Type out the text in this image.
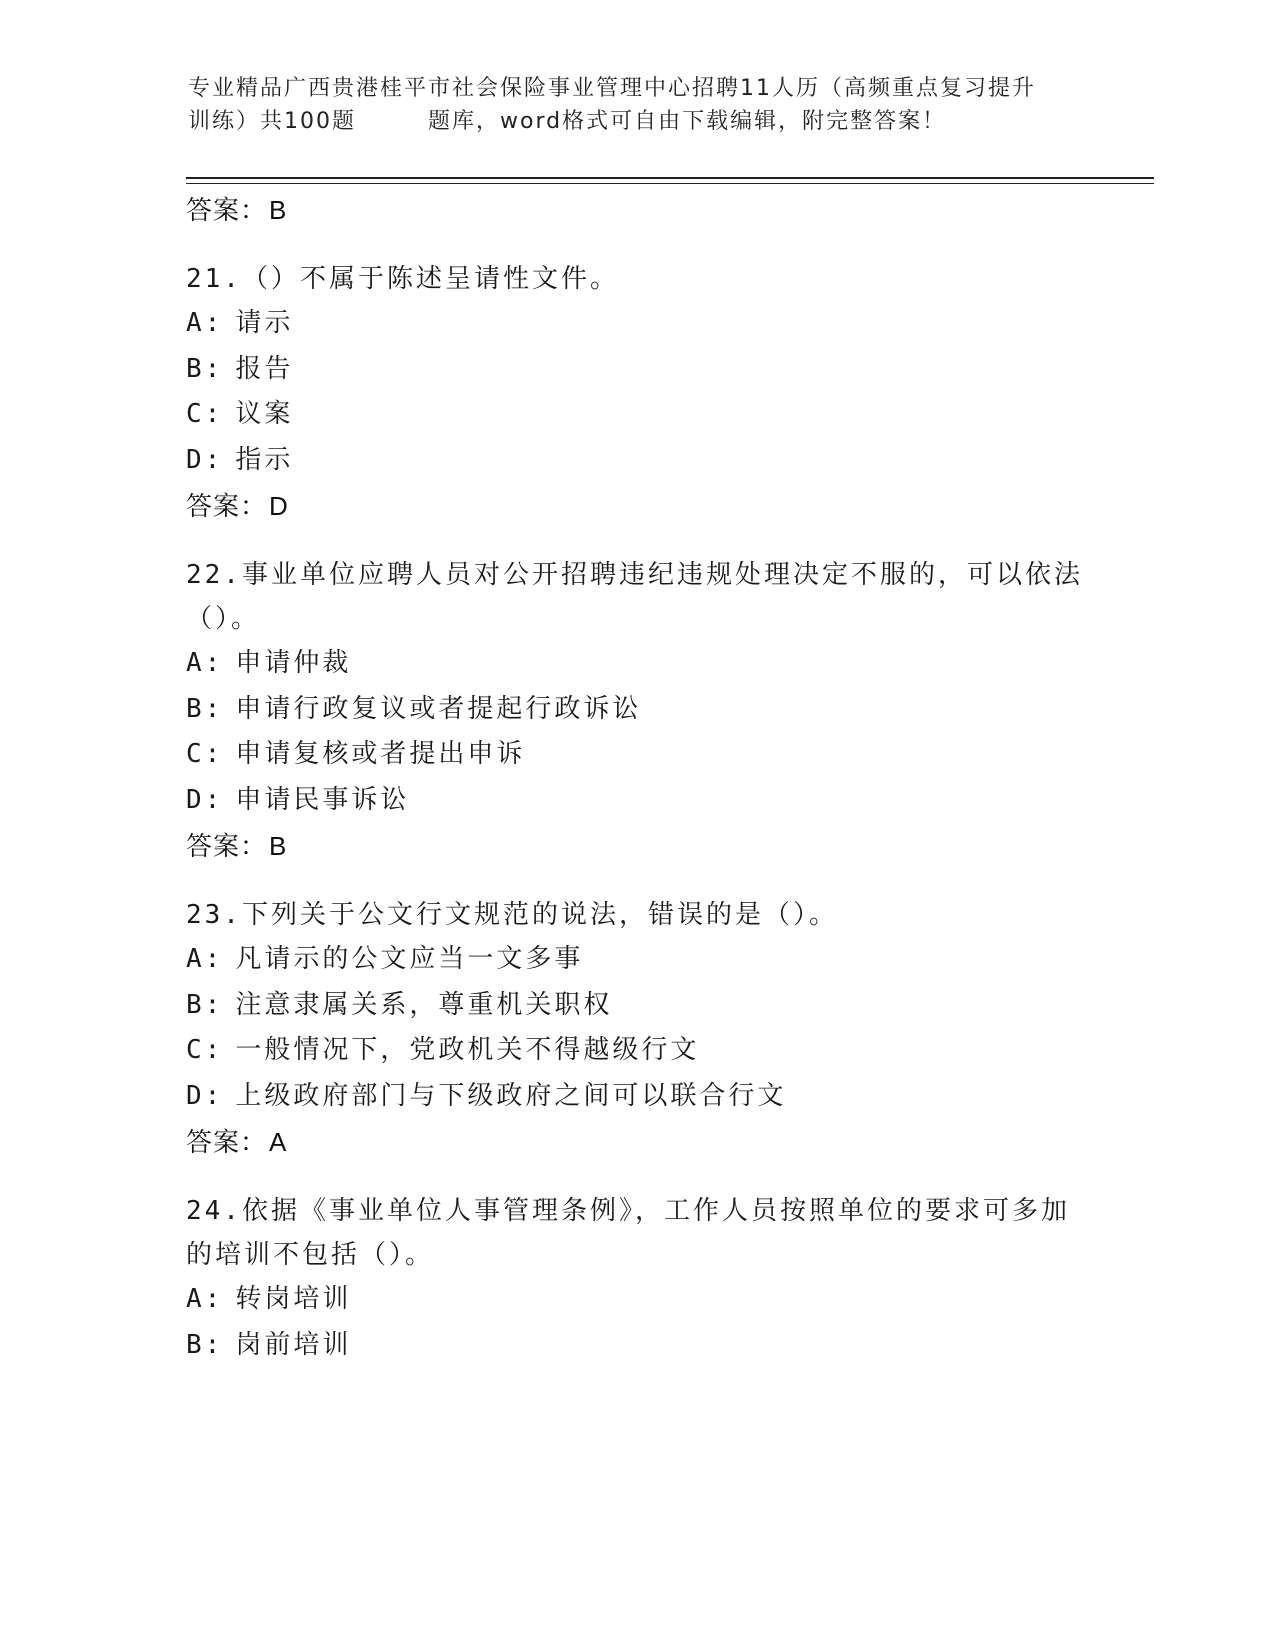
专业精品广西贵港桂平市社会保险事业管理中心招聘11人历（高频重点复习提升
训练）共100题	题库，word格式可自由下载编辑，附完整答案！
答案：B
21.（）不属于陈述呈请性文件。
A: 请示
B: 报告
C: 议案
D: 指示
答案：D
22.事业单位应聘人员对公开招聘违纪违规处理决定不服的，可以依法（）。
A: 申请仲裁
B: 申请行政复议或者提起行政诉讼
C: 申请复核或者提出申诉
D: 申请民事诉讼
答案：B
23.下列关于公文行文规范的说法，错误的是（）。
A: 凡请示的公文应当一文多事
B: 注意隶属关系，尊重机关职权
C: 一般情况下，党政机关不得越级行文
D: 上级政府部门与下级政府之间可以联合行文
答案：A
24.依据《事业单位人事管理条例》，工作人员按照单位的要求可多加的培训不包括（）。
A: 转岗培训
B: 岗前培训
